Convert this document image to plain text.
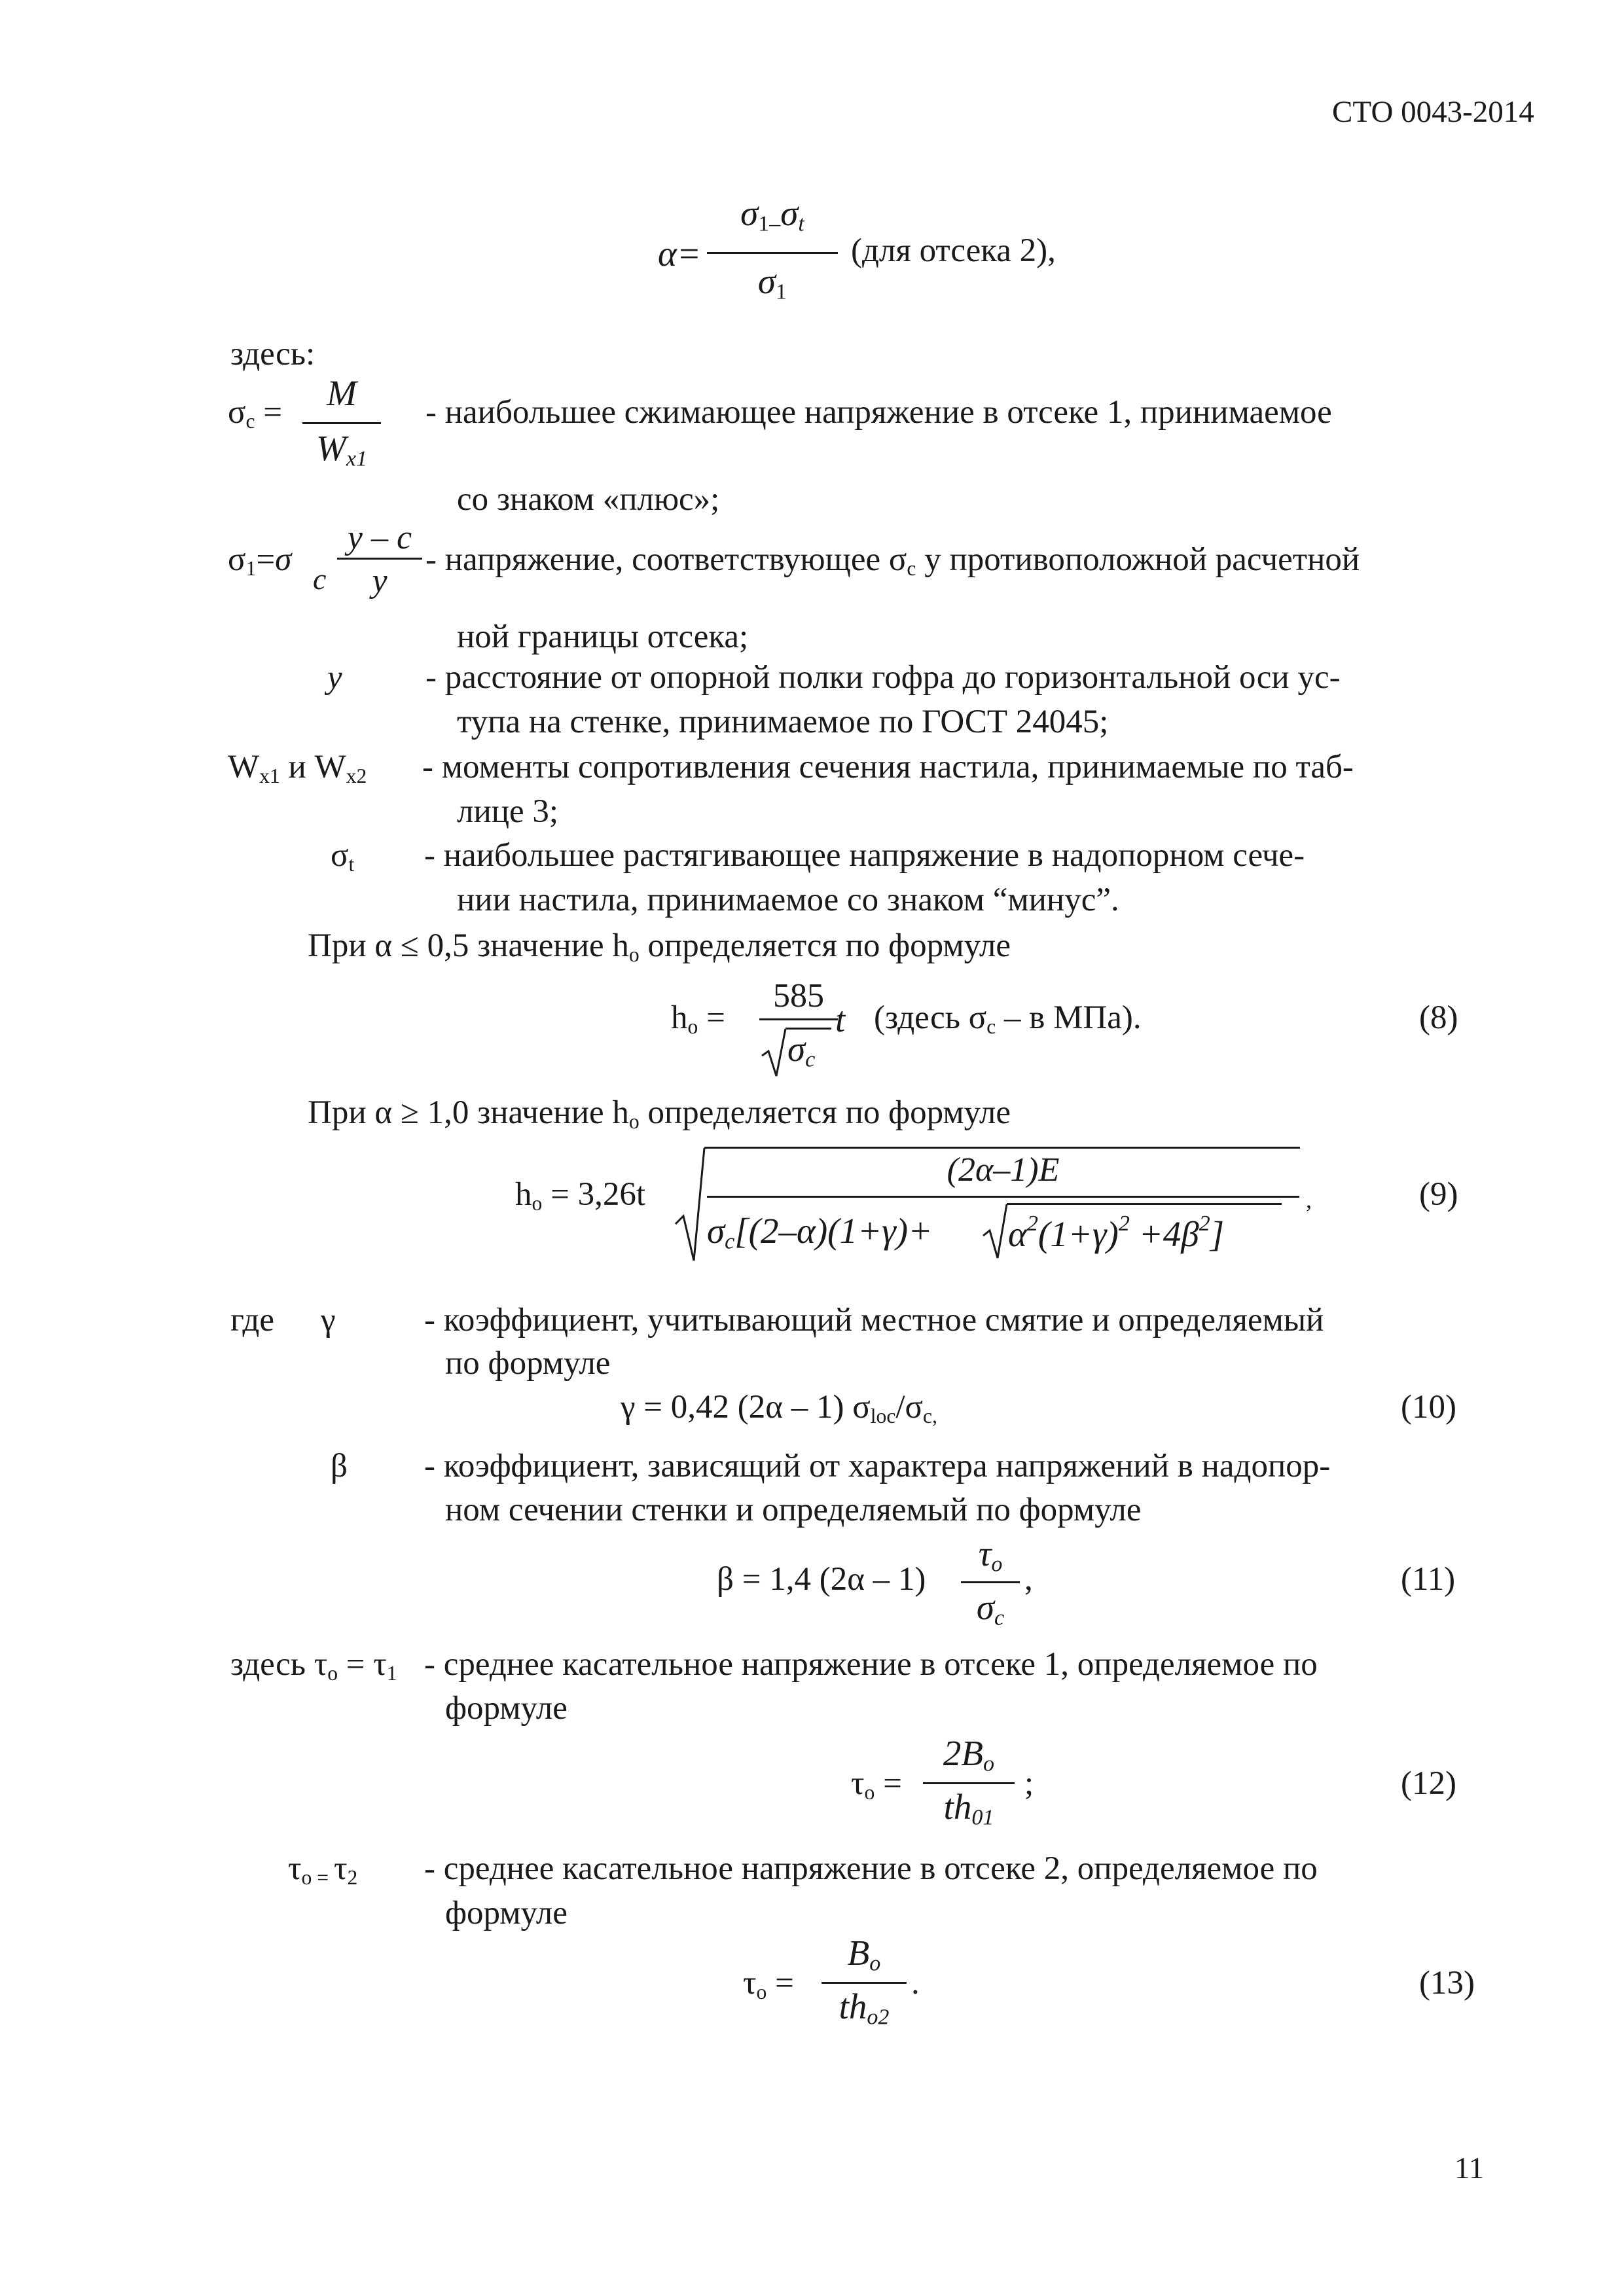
СТО 0043-2014
α=
$\sigma_{1-}\sigma_t$
$\sigma_1$
(для отсека 2),
здесь:
$\sigma_c$ =	M
$W_{x1}$
- наибольшее сжимающее напряжение в отсеке 1, принимаемое
со знаком «плюс»;
$\sigma_1=\sigma$
c
y – c
y
- напряжение, соответствующее $\sigma_c$ у противоположной расчетной
ной границы отсека;
y - расстояние от опорной полки гофра до горизонтальной оси ус-
тупа на стенке, принимаемое по ГОСТ 24045;
$W_{x1}$ и $W_{x2}$ - моменты сопротивления сечения настила, принимаемые по таб-
лице 3;
$\sigma_t$ - наибольшее растягивающее напряжение в надопорном сече-
нии настила, принимаемое со знаком “минус”.
При α ≤ 0,5 значение $h_o$ определяется по формуле
$h_o$ =
585
$\sigma_c$
t (здесь $\sigma_c$ – в МПа).	(8)
При α ≥ 1,0 значение $h_o$ определяется по формуле
$h_o = 3,26t$
(2α–1)E
$\sigma_c[(2-\alpha)(1+\gamma)+ \alpha^2(1+\gamma)^2 +4\beta^2]$
,	(9)
где γ	- коэффициент, учитывающий местное смятие и определяемый
по формуле
γ = 0,42 (2α – 1) $\sigma_{loc}/\sigma_{c,}$	(10)
β - коэффициент, зависящий от характера напряжений в надопор-
ном сечении стенки и определяемый по формуле
β = 1,4 (2α – 1)
$\tau_o$
$\sigma_c$
,	(11)
здесь $\tau_o = \tau_1$ - среднее касательное напряжение в отсеке 1, определяемое по
формуле
$\tau_o$ =
$2B_o$
$th_{01}$
;	(12)
$\tau_{o =}$ $\tau_2$ - среднее касательное напряжение в отсеке 2, определяемое по
формуле
$\tau_o$ =
$B_o$
$th_{o2}$
.	(13)
11
